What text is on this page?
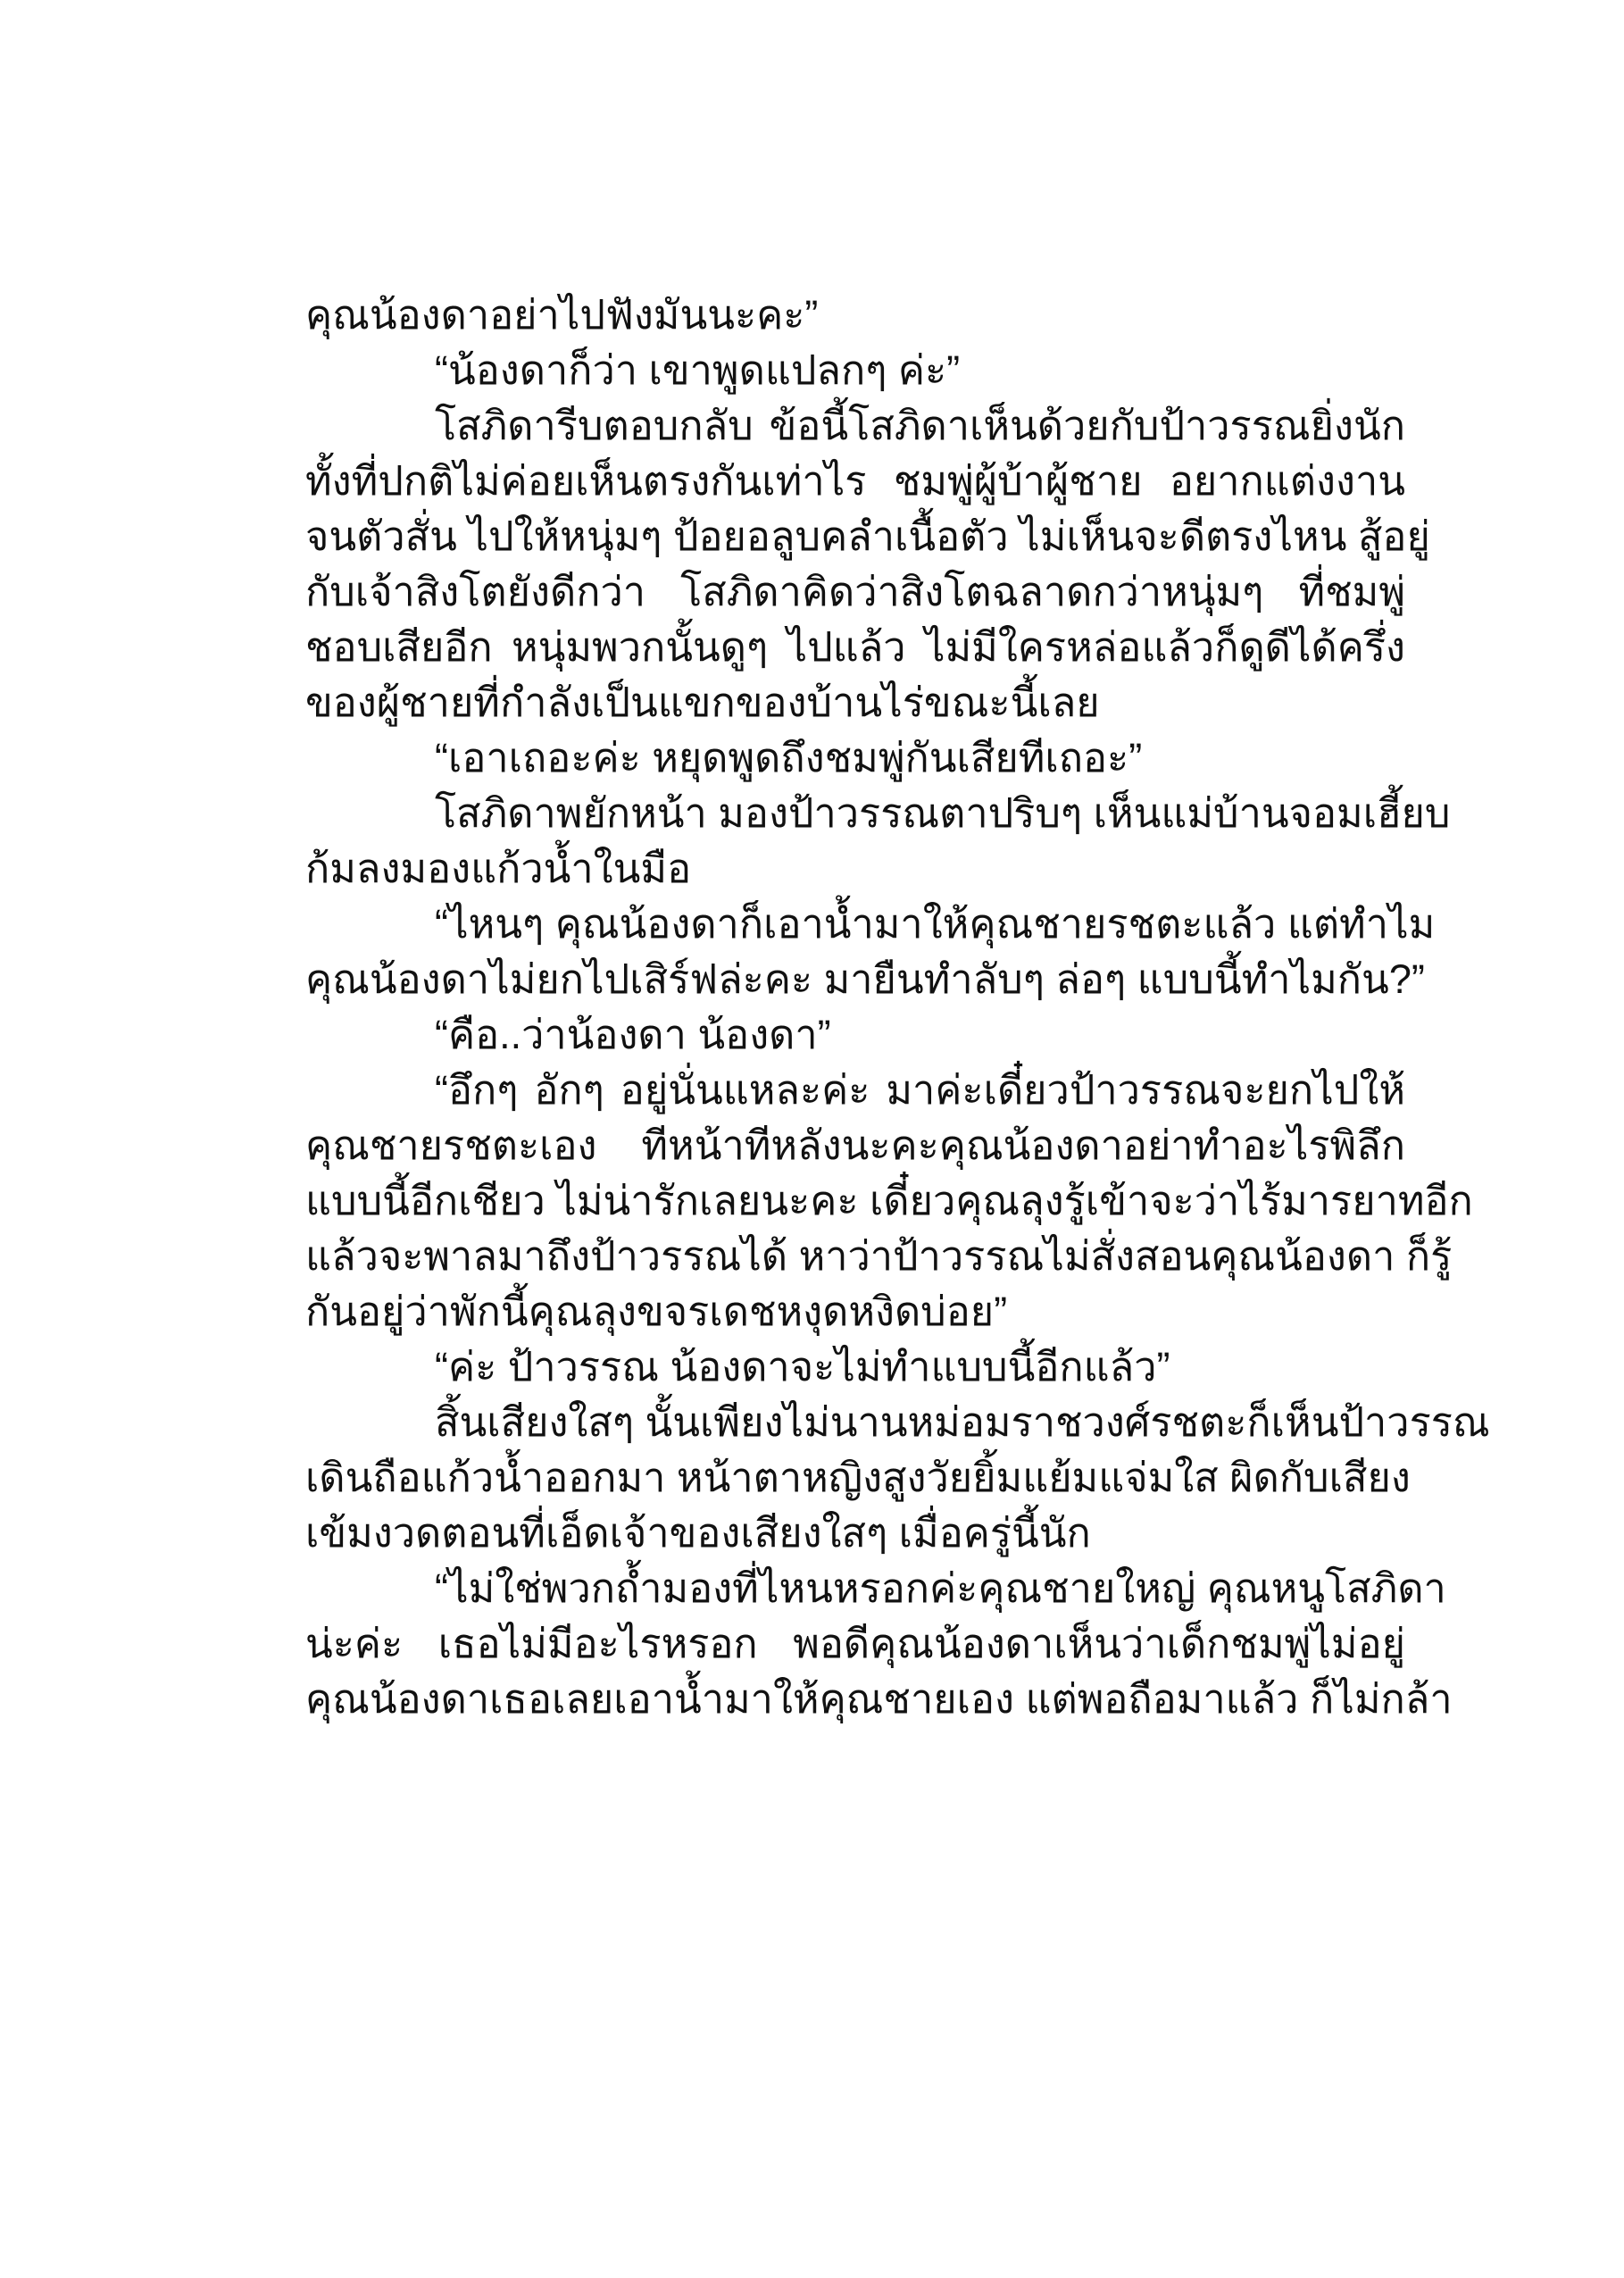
คุณน้องดาอย่าไปฟังมันนะคะ”
“น้องดาก็ว่า เขาพูดแปลกๆ ค่ะ”
โสภิดารีบตอบกลับ ข้อนี้โสภิดาเห็นด้วยกับป้าวรรณยิ่งนัก
ทั้งที่ปกติไม่ค่อยเห็นตรงกันเท่าไร ชมพู่ผู้บ้าผู้ชาย อยากแต่งงาน
จนตัวสั่น ไปให้หนุ่มๆ ป้อยอลูบคลำเนื้อตัว ไม่เห็นจะดีตรงไหน สู้อยู่
กับเจ้าสิงโตยังดีกว่า โสภิดาคิดว่าสิงโตฉลาดกว่าหนุ่มๆ ที่ชมพู่
ชอบเสียอีก หนุ่มพวกนั้นดูๆ ไปแล้ว ไม่มีใครหล่อแล้วก็ดูดีได้ครึ่ง
ของผู้ชายที่กำลังเป็นแขกของบ้านไร่ขณะนี้เลย
“เอาเถอะค่ะ หยุดพูดถึงชมพู่กันเสียทีเถอะ”
โสภิดาพยักหน้า มองป้าวรรณตาปริบๆ เห็นแม่บ้านจอมเฮี้ยบ
ก้มลงมองแก้วน้ำในมือ
“ไหนๆ คุณน้องดาก็เอาน้ำมาให้คุณชายรชตะแล้ว แต่ทำไม
คุณน้องดาไม่ยกไปเสิร์ฟล่ะคะ มายืนทำลับๆ ล่อๆ แบบนี้ทำไมกัน?”
“คือ..ว่าน้องดา น้องดา”
“อึกๆ อักๆ อยู่นั่นแหละค่ะ มาค่ะเดี๋ยวป้าวรรณจะยกไปให้
คุณชายรชตะเอง ทีหน้าทีหลังนะคะคุณน้องดาอย่าทำอะไรพิลึก
แบบนี้อีกเชียว ไม่น่ารักเลยนะคะ เดี๋ยวคุณลุงรู้เข้าจะว่าไร้มารยาทอีก
แล้วจะพาลมาถึงป้าวรรณได้ หาว่าป้าวรรณไม่สั่งสอนคุณน้องดา ก็รู้
กันอยู่ว่าพักนี้คุณลุงขจรเดชหงุดหงิดบ่อย”
“ค่ะ ป้าวรรณ น้องดาจะไม่ทำแบบนี้อีกแล้ว”
สิ้นเสียงใสๆ นั้นเพียงไม่นานหม่อมราชวงศ์รชตะก็เห็นป้าวรรณ
เดินถือแก้วน้ำออกมา หน้าตาหญิงสูงวัยยิ้มแย้มแจ่มใส ผิดกับเสียง
เข้มงวดตอนที่เอ็ดเจ้าของเสียงใสๆ เมื่อครู่นี้นัก
“ไม่ใช่พวกถ้ำมองที่ไหนหรอกค่ะคุณชายใหญ่ คุณหนูโสภิดา
น่ะค่ะ เธอไม่มีอะไรหรอก พอดีคุณน้องดาเห็นว่าเด็กชมพู่ไม่อยู่
คุณน้องดาเธอเลยเอาน้ำมาให้คุณชายเอง แต่พอถือมาแล้ว ก็ไม่กล้า
